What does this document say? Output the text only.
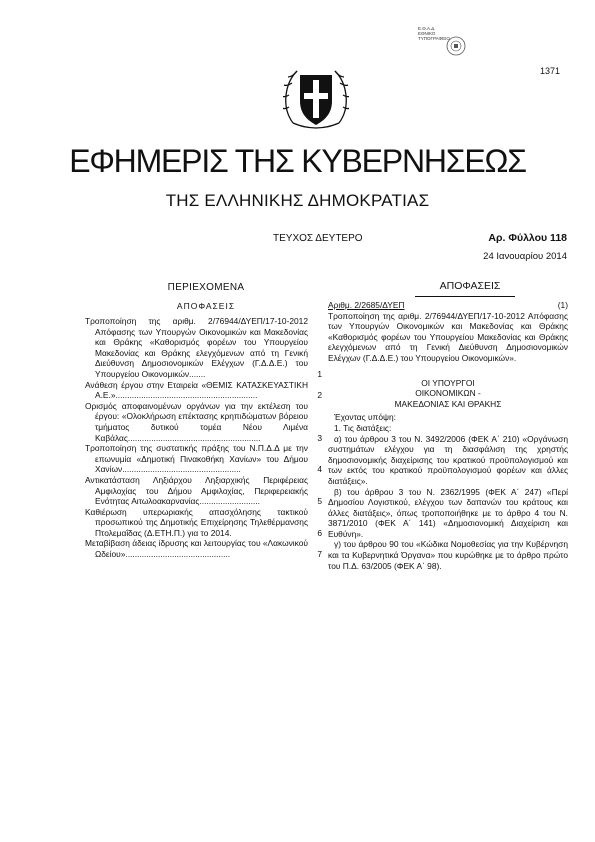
Ε.Θ.Α.Δ.
ΕΘΝΙΚΟ
ΤΥΠΟΓΡΑΦΕΙΟ
1371
ΕΦΗΜΕΡΙΣ ΤΗΣ ΚΥΒΕΡΝΗΣΕΩΣ
ΤΗΣ ΕΛΛΗΝΙΚΗΣ ΔΗΜΟΚΡΑΤΙΑΣ
ΤΕΥΧΟΣ ΔΕΥΤΕΡΟ	Αρ. Φύλλου 118
24 Ιανουαρίου 2014
ΠΕΡΙΕΧΟΜΕΝΑ
ΑΠΟΦΑΣΕΙΣ
Τροποποίηση της αριθμ. 2/76944/ΔΥΕΠ/17-10-2012 Απόφασης των Υπουργών Οικονομικών και Μακεδονίας και Θράκης «Καθορισμός φορέων του Υπουργείου Μακεδονίας και Θράκης ελεγχόμενων από τη Γενική Διεύθυνση Δημοσιονομικών Ελέγχων (Γ.Δ.Δ.Ε.) του Υπουργείου Οικονομικών.......	1
Ανάθεση έργου στην Εταιρεία «ΘΕΜΙΣ ΚΑΤΑΣΚΕΥΑΣΤΙΚΗ Α.Ε.».............................................................	2
Ορισμός αποφαινομένων οργάνων για την εκτέλεση του έργου: «Ολοκλήρωση επέκτασης κρηπιδώματων βόρειου τμήματος δυτικού τομέα Νέου Λιμένα Καβάλας.........................................................	3
Τροποποίηση της συστατικής πράξης του Ν.Π.Δ.Δ με την επωνυμία «Δημοτική Πινακοθήκη Χανίων» του Δήμου Χανίων...................................................	4
Αντικατάσταση Ληξιάρχου Ληξιαρχικής Περιφέρειας Αμφιλοχίας του Δήμου Αμφιλοχίας, Περιφερειακής Ενότητας Αιτωλοακαρνανίας..........................	5
Καθιέρωση υπερωριακής απασχόλησης τακτικού προσωπικού της Δημοτικής Επιχείρησης Τηλεθέρμανσης Πτολεμαΐδας (Δ.ΕΤΗ.Π.) για το 2014.	6
Μεταβίβαση άδειας ίδρυσης και λειτουργίας του «Λακωνικού Ωδείου».............................................	7
ΑΠΟΦΑΣΕΙΣ
Αριθμ. 2/2685/ΔΥΕΠ	(1)
Τροποποίηση της αριθμ. 2/76944/ΔΥΕΠ/17-10-2012 Απόφασης των Υπουργών Οικονομικών και Μακεδονίας και Θράκης «Καθορισμός φορέων του Υπουργείου Μακεδονίας και Θράκης ελεγχόμενων από τη Γενική Διεύθυνση Δημοσιονομικών Ελέγχων (Γ.Δ.Δ.Ε.) του Υπουργείου Οικονομικών».
ΟΙ ΥΠΟΥΡΓΟΙ
ΟΙΚΟΝΟΜΙΚΩΝ -
ΜΑΚΕΔΟΝΙΑΣ ΚΑΙ ΘΡΑΚΗΣ
Έχοντας υπόψη:
1. Τις διατάξεις:
α) του άρθρου 3 του Ν. 3492/2006 (ΦΕΚ Α΄ 210) «Οργάνωση συστημάτων ελέγχου για τη διασφάλιση της χρηστής δημοσιονομικής διαχείρισης του κρατικού προϋπολογισμού και των εκτός του κρατικού προϋπολογισμού φορέων και άλλες διατάξεις».
β) του άρθρου 3 του Ν. 2362/1995 (ΦΕΚ Α΄ 247) «Περί Δημοσίου Λογιστικού, ελέγχου των δαπανών του κράτους και άλλες διατάξεις», όπως τροποποιήθηκε με το άρθρο 4 του Ν. 3871/2010 (ΦΕΚ Α΄ 141) «Δημοσιονομική Διαχείριση και Ευθύνη».
γ) του άρθρου 90 του «Κώδικα Νομοθεσίας για την Κυβέρνηση και τα Κυβερνητικά Όργανα» που κυρώθηκε με το άρθρο πρώτο του Π.Δ. 63/2005 (ΦΕΚ Α΄ 98).
